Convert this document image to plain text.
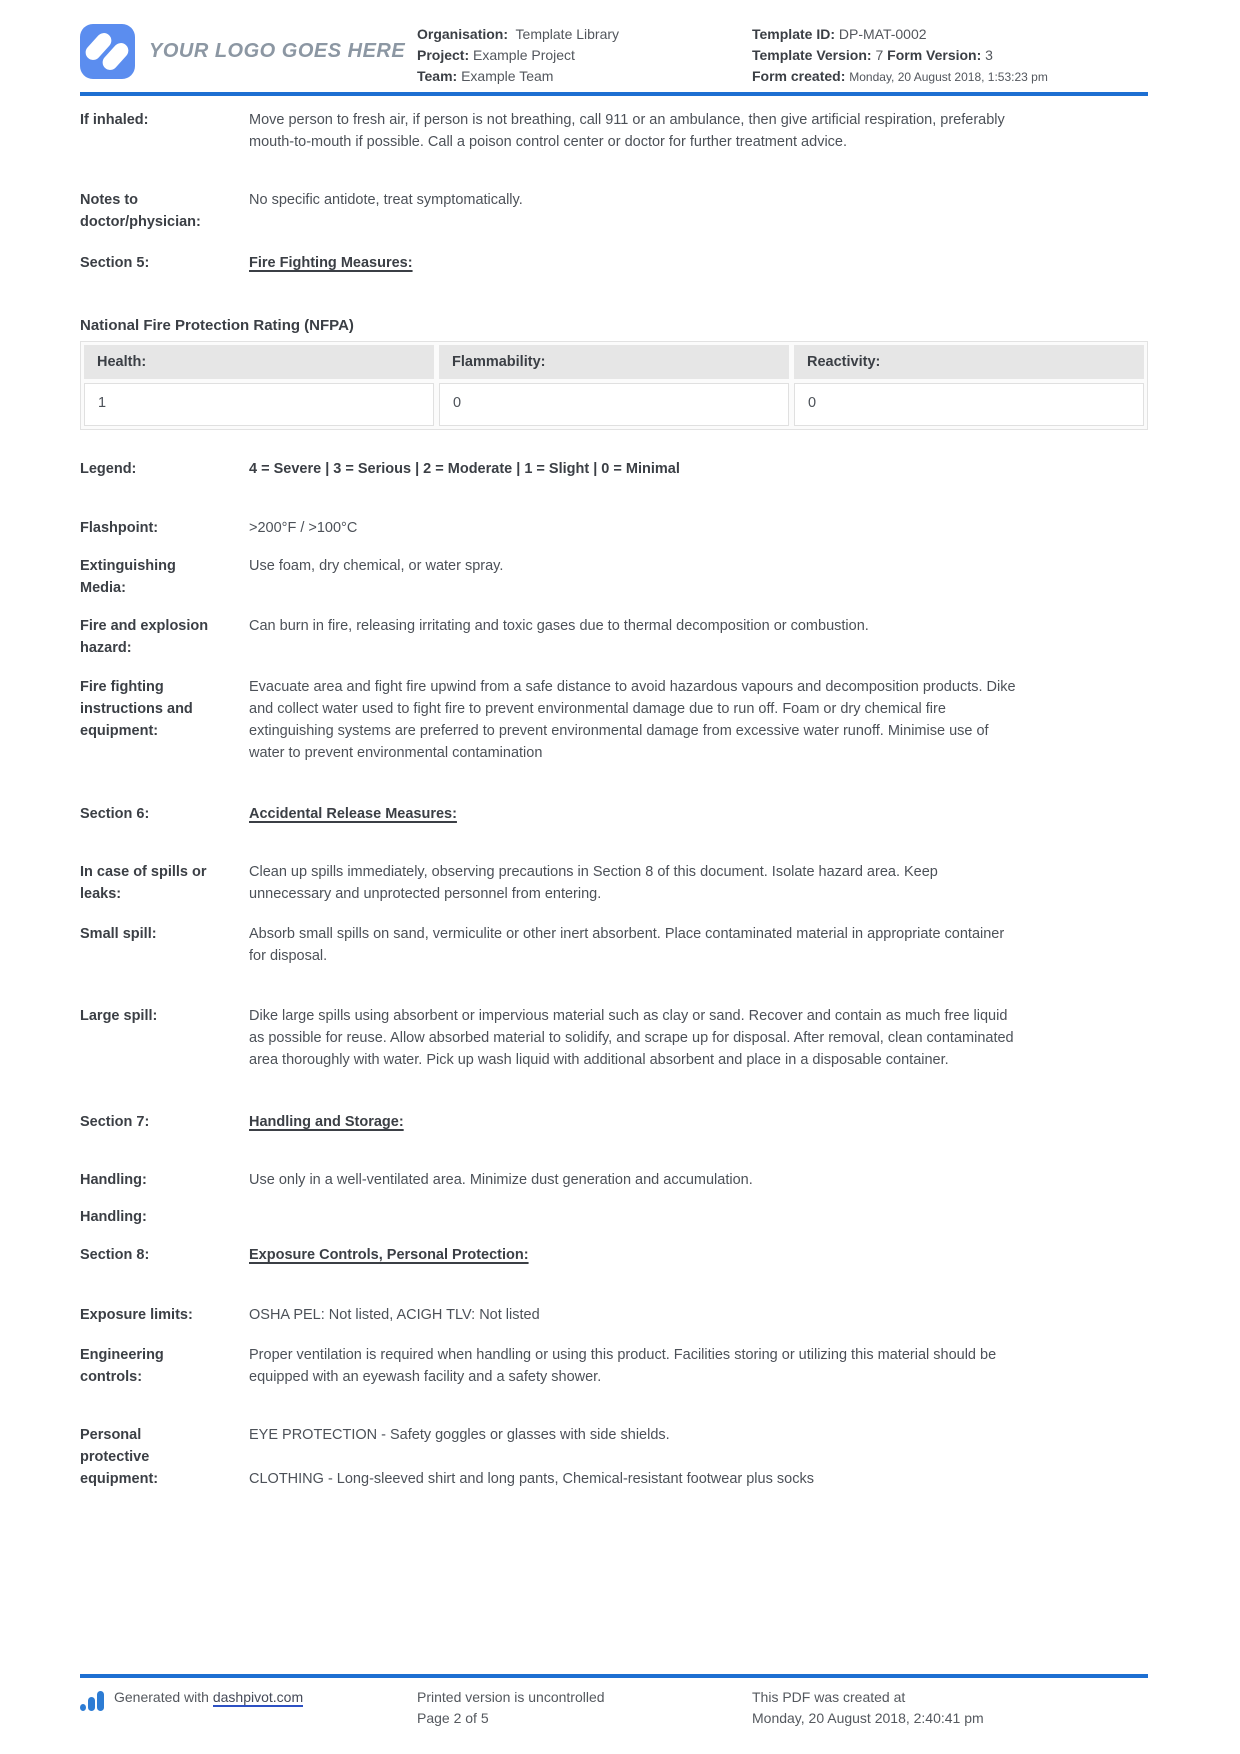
YOUR LOGO GOES HERE
Organisation: Template Library
Project: Example Project
Team: Example Team
Template ID: DP-MAT-0002
Template Version: 7 Form Version: 3
Form created: Monday, 20 August 2018, 1:53:23 pm
If inhaled:	Move person to fresh air, if person is not breathing, call 911 or an ambulance, then give artificial respiration, preferably mouth-to-mouth if possible. Call a poison control center or doctor for further treatment advice.
Notes to doctor/physician:
No specific antidote, treat symptomatically.
Section 5:	Fire Fighting Measures:
National Fire Protection Rating (NFPA)
Health:	Flammability:	Reactivity:
1	0	0
Legend:	4 = Severe | 3 = Serious | 2 = Moderate | 1 = Slight | 0 = Minimal
Flashpoint:	>200°F / >100°C
Extinguishing Media:
Use foam, dry chemical, or water spray.
Fire and explosion hazard:
Can burn in fire, releasing irritating and toxic gases due to thermal decomposition or combustion.
Fire fighting instructions and equipment:
Evacuate area and fight fire upwind from a safe distance to avoid hazardous vapours and decomposition products. Dike and collect water used to fight fire to prevent environmental damage due to run off. Foam or dry chemical fire extinguishing systems are preferred to prevent environmental damage from excessive water runoff. Minimise use of water to prevent environmental contamination
Section 6:	Accidental Release Measures:
In case of spills or leaks:
Clean up spills immediately, observing precautions in Section 8 of this document. Isolate hazard area. Keep unnecessary and unprotected personnel from entering.
Small spill:	Absorb small spills on sand, vermiculite or other inert absorbent. Place contaminated material in appropriate container for disposal.
Large spill:	Dike large spills using absorbent or impervious material such as clay or sand. Recover and contain as much free liquid as possible for reuse. Allow absorbed material to solidify, and scrape up for disposal. After removal, clean contaminated area thoroughly with water. Pick up wash liquid with additional absorbent and place in a disposable container.
Section 7:	Handling and Storage:
Handling:	Use only in a well-ventilated area. Minimize dust generation and accumulation.
Handling:
Section 8:	Exposure Controls, Personal Protection:
Exposure limits:	OSHA PEL: Not listed, ACIGH TLV: Not listed
Engineering controls:
Proper ventilation is required when handling or using this product. Facilities storing or utilizing this material should be equipped with an eyewash facility and a safety shower.
Personal protective equipment:
EYE PROTECTION - Safety goggles or glasses with side shields.
CLOTHING - Long-sleeved shirt and long pants, Chemical-resistant footwear plus socks
Generated with dashpivot.com	Printed version is uncontrolled
Page 2 of 5
This PDF was created at
Monday, 20 August 2018, 2:40:41 pm
